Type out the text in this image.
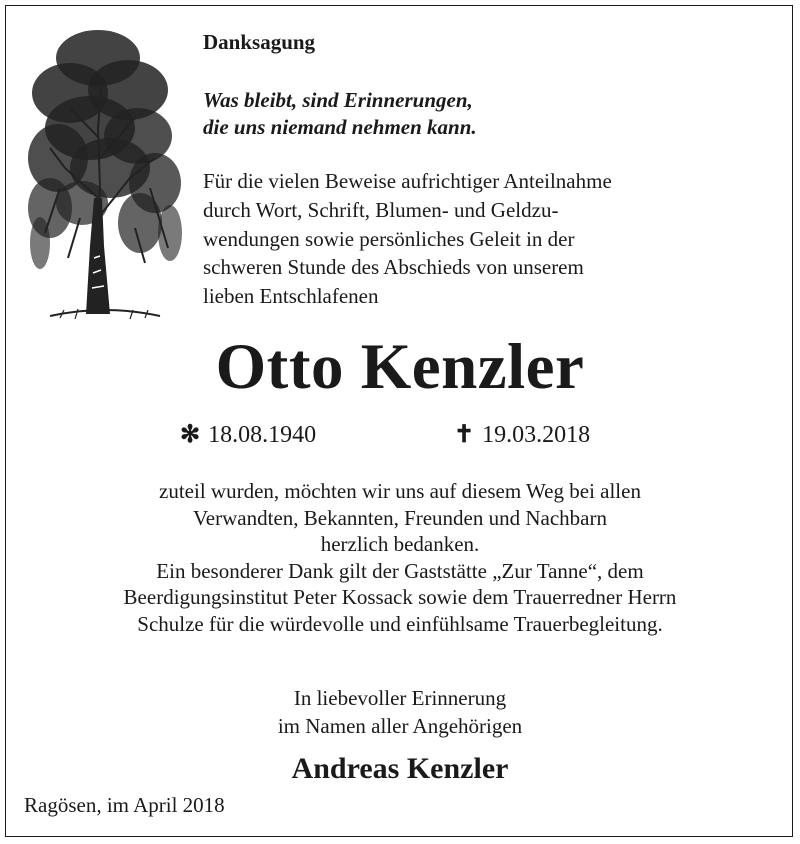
Danksagung
Was bleibt, sind Erinnerungen,
die uns niemand nehmen kann.
Für die vielen Beweise aufrichtiger Anteilnahme
durch Wort, Schrift, Blumen- und Geldzu-
wendungen sowie persönliches Geleit in der
schweren Stunde des Abschieds von unserem
lieben Entschlafenen
Otto Kenzler
✻ 18.08.1940	✝ 19.03.2018
zuteil wurden, möchten wir uns auf diesem Weg bei allen
Verwandten, Bekannten, Freunden und Nachbarn
herzlich bedanken.
Ein besonderer Dank gilt der Gaststätte „Zur Tanne“, dem
Beerdigungsinstitut Peter Kossack sowie dem Trauerredner Herrn
Schulze für die würdevolle und einfühlsame Trauerbegleitung.
In liebevoller Erinnerung
im Namen aller Angehörigen
Andreas Kenzler
Ragösen, im April 2018
